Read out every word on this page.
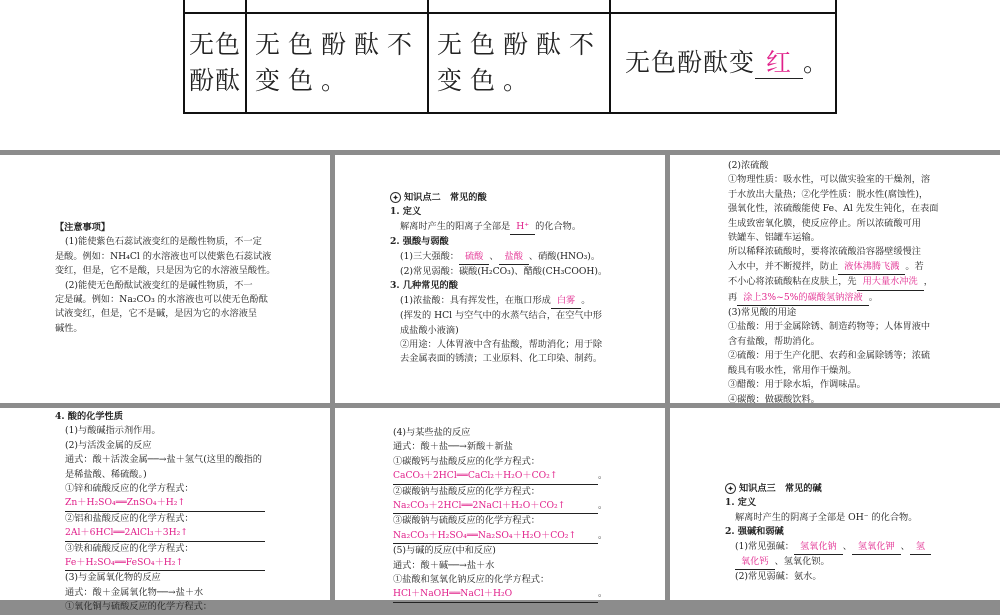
无色酚酞	无色酚酞不变色。	无色酚酞不变色。	无色酚酞变 红 。
【注意事项】
(1)能使紫色石蕊试液变红的是酸性物质，不一定
是酸。例如：NH₄Cl 的水溶液也可以使紫色石蕊试液
变红，但是，它不是酸，只是因为它的水溶液呈酸性。
(2)能使无色酚酞试液变红的是碱性物质，不一
定是碱。例如：Na₂CO₃ 的水溶液也可以使无色酚酞
试液变红，但是，它不是碱，是因为它的水溶液呈
碱性。
✦ 知识点二　常见的酸
1. 定义
解离时产生的阳离子全部是 H⁺ 的化合物。
2. 强酸与弱酸
(1)三大强酸： 硫酸 、 盐酸 、硝酸(HNO₃)。
(2)常见弱酸：碳酸(H₂CO₃)、醋酸(CH₃COOH)。
3. 几种常见的酸
(1)浓盐酸：具有挥发性，在瓶口形成 白雾 。
(挥发的 HCl 与空气中的水蒸气结合，在空气中形
成盐酸小液滴)
②用途：人体胃液中含有盐酸，帮助消化；用于除
去金属表面的锈渍；工业原料、化工印染、制药。
(2)浓硫酸
①物理性质：吸水性，可以做实验室的干燥剂，溶
于水放出大量热；②化学性质：脱水性(腐蚀性)，
强氧化性，浓硫酸能使 Fe、Al 先发生钝化，在表面
生成致密氧化膜，使反应停止。所以浓硫酸可用
铁罐车、铝罐车运输。
所以稀释浓硫酸时，要将浓硫酸沿容器壁缓慢注
入水中，并不断搅拌，防止 液体沸腾飞溅 。若
不小心将浓硫酸粘在皮肤上，先 用大量水冲洗 ，
再 涂上3%~5%的碳酸氢钠溶液 。
(3)常见酸的用途
①盐酸：用于金属除锈、制造药物等；人体胃液中
含有盐酸，帮助消化。
②硫酸：用于生产化肥、农药和金属除锈等；浓硫
酸具有吸水性，常用作干燥剂。
③醋酸：用于除水垢，作调味品。
④碳酸：做碳酸饮料。
4. 酸的化学性质
(1)与酸碱指示剂作用。
(2)与活泼金属的反应
通式：酸＋活泼金属──→盐＋氢气(这里的酸指的
是稀盐酸、稀硫酸。)
①锌和硫酸反应的化学方程式：
Zn＋H₂SO₄══ZnSO₄＋H₂↑
②铝和盐酸反应的化学方程式：
2Al＋6HCl══2AlCl₃＋3H₂↑
③铁和硫酸反应的化学方程式：
Fe＋H₂SO₄══FeSO₄＋H₂↑
(3)与金属氧化物的反应
通式：酸＋金属氧化物──→盐＋水
①氧化铜与硫酸反应的化学方程式：
(4)与某些盐的反应
通式：酸＋盐──→新酸＋新盐
①碳酸钙与盐酸反应的化学方程式：
CaCO₃＋2HCl══CaCl₂＋H₂O＋CO₂↑	。
②碳酸钠与盐酸反应的化学方程式：
Na₂CO₃＋2HCl══2NaCl＋H₂O＋CO₂↑	。
③碳酸钠与硫酸反应的化学方程式：
Na₂CO₃＋H₂SO₄══Na₂SO₄＋H₂O＋CO₂↑ 。
(5)与碱的反应(中和反应)
通式：酸＋碱──→盐＋水
①盐酸和氢氧化钠反应的化学方程式：
HCl＋NaOH══NaCl＋H₂O	。
✦ 知识点三　常见的碱
1. 定义
解离时产生的阴离子全部是 OH⁻ 的化合物。
2. 强碱和弱碱
(1)常见强碱： 氢氧化钠 、 氢氧化钾 、 氢
氧化钙 、氢氧化钡。
(2)常见弱碱：氨水。
